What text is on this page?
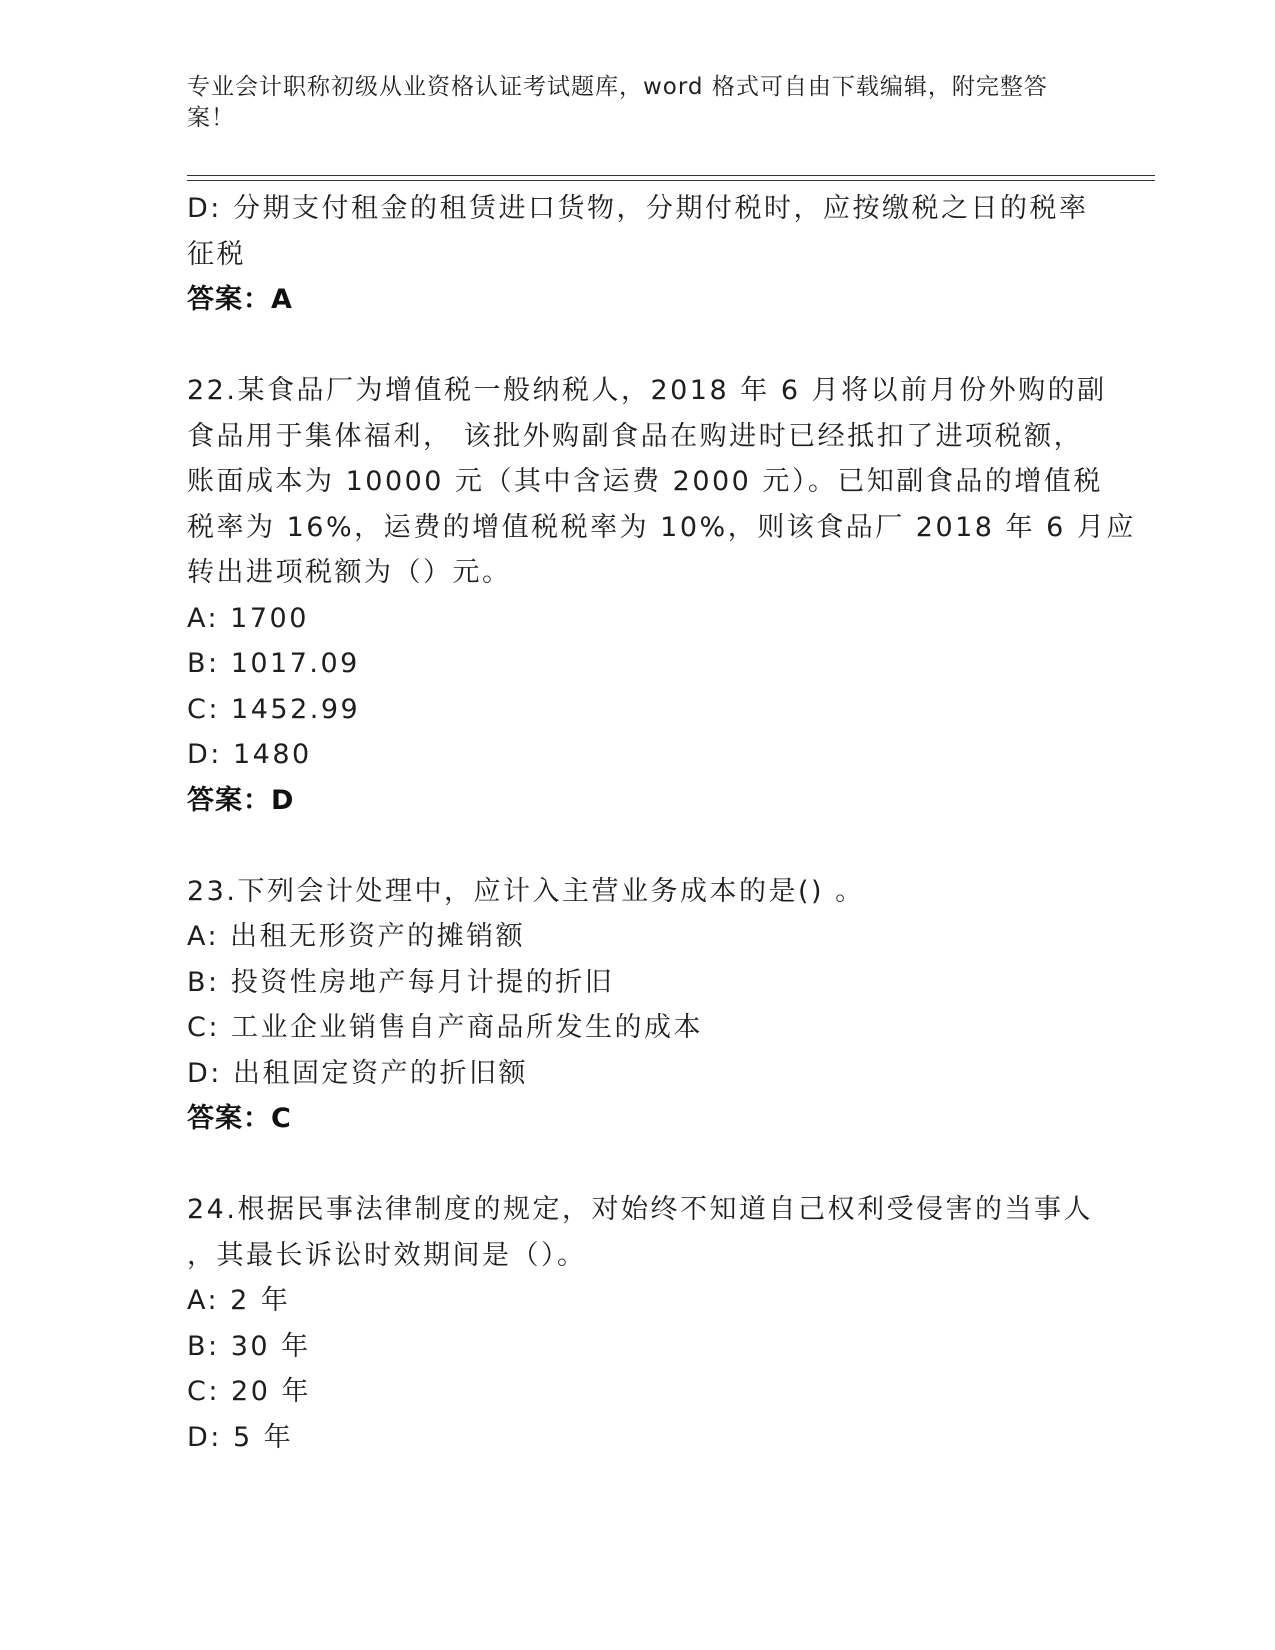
专业会计职称初级从业资格认证考试题库，word 格式可自由下载编辑，附完整答案！
D: 分期支付租金的租赁进口货物，分期付税时，应按缴税之日的税率
征税
答案：A
22.某食品厂为增值税一般纳税人，2018 年 6 月将以前月份外购的副
食品用于集体福利， 该批外购副食品在购进时已经抵扣了进项税额，
账面成本为 10000 元（其中含运费 2000 元）。已知副食品的增值税
税率为 16%，运费的增值税税率为 10%，则该食品厂 2018 年 6 月应
转出进项税额为（）元。
A: 1700
B: 1017.09
C: 1452.99
D: 1480
答案：D
23.下列会计处理中，应计入主营业务成本的是() 。
A: 出租无形资产的摊销额
B: 投资性房地产每月计提的折旧
C: 工业企业销售自产商品所发生的成本
D: 出租固定资产的折旧额
答案：C
24.根据民事法律制度的规定，对始终不知道自己权利受侵害的当事人
，其最长诉讼时效期间是（）。
A: 2 年
B: 30 年
C: 20 年
D: 5 年
